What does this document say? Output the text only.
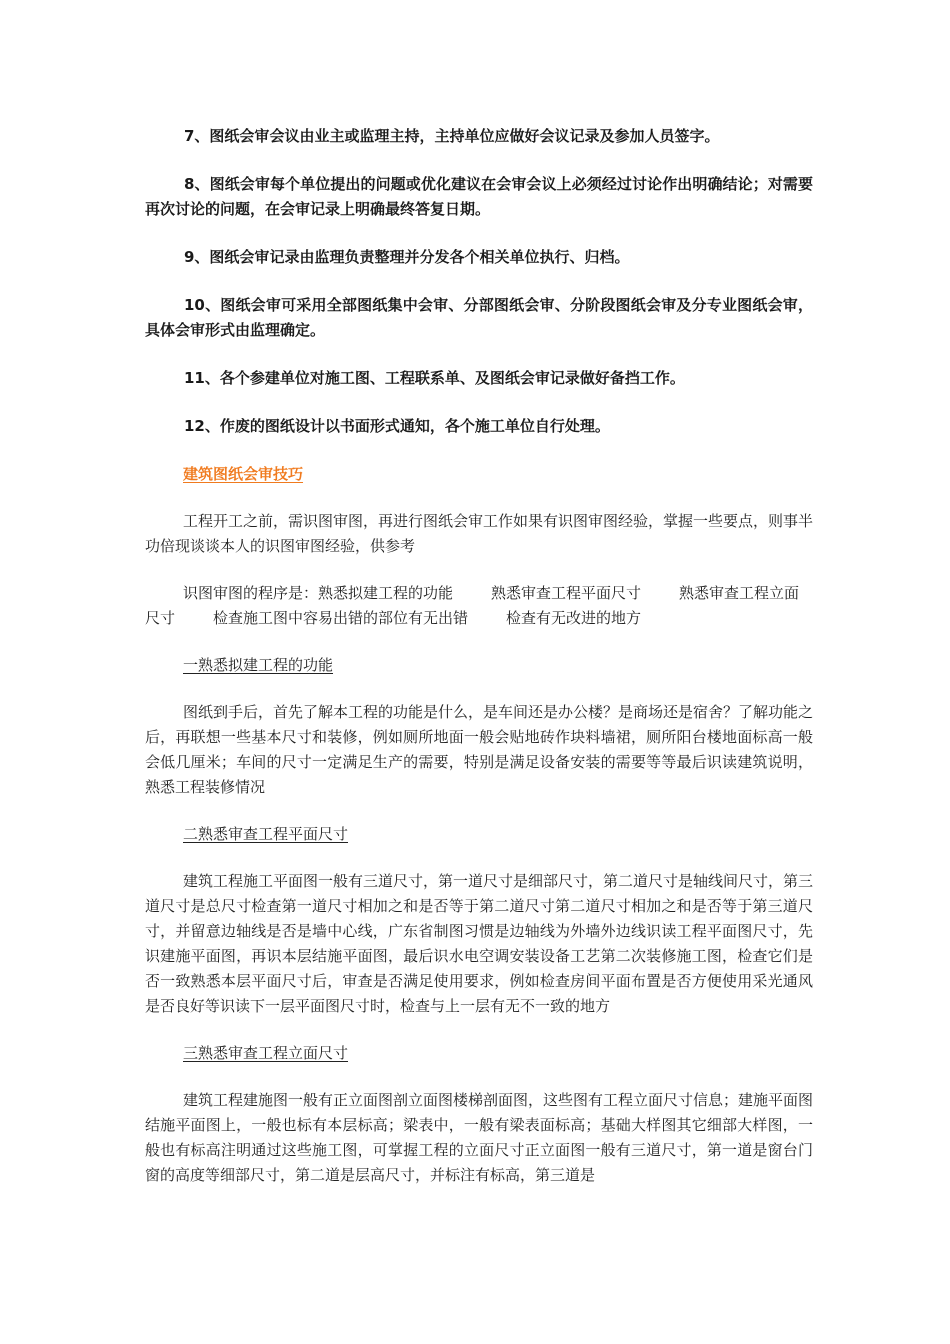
7、图纸会审会议由业主或监理主持，主持单位应做好会议记录及参加人员签字。

8、图纸会审每个单位提出的问题或优化建议在会审会议上必须经过讨论作出明确结论；对需要再次讨论的问题，在会审记录上明确最终答复日期。

9、图纸会审记录由监理负责整理并分发各个相关单位执行、归档。

10、图纸会审可采用全部图纸集中会审、分部图纸会审、分阶段图纸会审及分专业图纸会审，具体会审形式由监理确定。

11、各个参建单位对施工图、工程联系单、及图纸会审记录做好备挡工作。

12、作废的图纸设计以书面形式通知，各个施工单位自行处理。

建筑图纸会审技巧

工程开工之前，需识图审图，再进行图纸会审工作如果有识图审图经验，掌握一些要点，则事半功倍现谈谈本人的识图审图经验，供参考

识图审图的程序是：熟悉拟建工程的功能	熟悉审查工程平面尺寸	熟悉审查工程立面尺寸	检查施工图中容易出错的部位有无出错	检查有无改进的地方

一熟悉拟建工程的功能

图纸到手后，首先了解本工程的功能是什么，是车间还是办公楼？是商场还是宿舍？了解功能之后，再联想一些基本尺寸和装修，例如厕所地面一般会贴地砖作块料墙裙，厕所阳台楼地面标高一般会低几厘米；车间的尺寸一定满足生产的需要，特别是满足设备安装的需要等等最后识读建筑说明，熟悉工程装修情况

二熟悉审查工程平面尺寸

建筑工程施工平面图一般有三道尺寸，第一道尺寸是细部尺寸，第二道尺寸是轴线间尺寸，第三道尺寸是总尺寸检查第一道尺寸相加之和是否等于第二道尺寸第二道尺寸相加之和是否等于第三道尺寸，并留意边轴线是否是墙中心线，广东省制图习惯是边轴线为外墙外边线识读工程平面图尺寸，先识建施平面图，再识本层结施平面图，最后识水电空调安装设备工艺第二次装修施工图，检查它们是否一致熟悉本层平面尺寸后，审查是否满足使用要求，例如检查房间平面布置是否方便使用采光通风是否良好等识读下一层平面图尺寸时，检查与上一层有无不一致的地方

三熟悉审查工程立面尺寸

建筑工程建施图一般有正立面图剖立面图楼梯剖面图，这些图有工程立面尺寸信息；建施平面图结施平面图上，一般也标有本层标高；梁表中，一般有梁表面标高；基础大样图其它细部大样图，一般也有标高注明通过这些施工图，可掌握工程的立面尺寸正立面图一般有三道尺寸，第一道是窗台门窗的高度等细部尺寸，第二道是层高尺寸，并标注有标高，第三道是
